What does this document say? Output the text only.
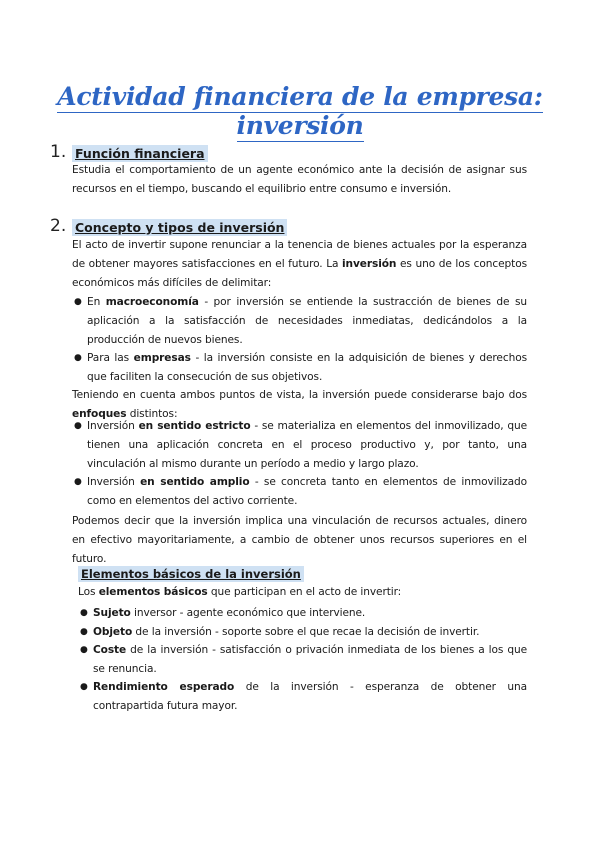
Actividad financiera de la empresa: inversión
1. Función financiera
Estudia el comportamiento de un agente económico ante la decisión de asignar sus recursos en el tiempo, buscando el equilibrio entre consumo e inversión.
2. Concepto y tipos de inversión
El acto de invertir supone renunciar a la tenencia de bienes actuales por la esperanza de obtener mayores satisfacciones en el futuro. La inversión es uno de los conceptos económicos más difíciles de delimitar:
● En macroeconomía - por inversión se entiende la sustracción de bienes de su aplicación a la satisfacción de necesidades inmediatas, dedicándolos a la producción de nuevos bienes.
● Para las empresas - la inversión consiste en la adquisición de bienes y derechos que faciliten la consecución de sus objetivos.
Teniendo en cuenta ambos puntos de vista, la inversión puede considerarse bajo dos enfoques distintos:
● Inversión en sentido estricto - se materializa en elementos del inmovilizado, que tienen una aplicación concreta en el proceso productivo y, por tanto, una vinculación al mismo durante un período a medio y largo plazo.
● Inversión en sentido amplio - se concreta tanto en elementos de inmovilizado como en elementos del activo corriente.
Podemos decir que la inversión implica una vinculación de recursos actuales, dinero en efectivo mayoritariamente, a cambio de obtener unos recursos superiores en el futuro.
Elementos básicos de la inversión
Los elementos básicos que participan en el acto de invertir:
● Sujeto inversor - agente económico que interviene.
● Objeto de la inversión - soporte sobre el que recae la decisión de invertir.
● Coste de la inversión - satisfacción o privación inmediata de los bienes a los que se renuncia.
● Rendimiento esperado de la inversión - esperanza de obtener una contrapartida futura mayor.
